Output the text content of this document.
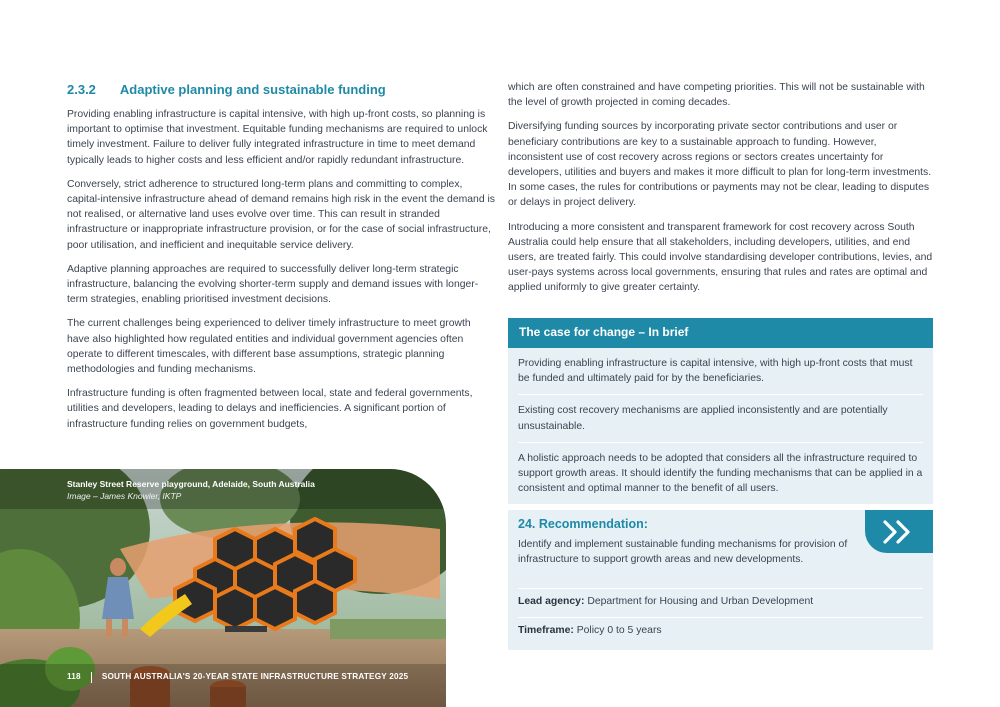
2.3.2 Adaptive planning and sustainable funding

Providing enabling infrastructure is capital intensive, with high up-front costs, so planning is important to optimise that investment. Equitable funding mechanisms are required to unlock timely investment. Failure to deliver fully integrated infrastructure in time to meet demand typically leads to higher costs and less efficient and/or rapidly redundant infrastructure.

Conversely, strict adherence to structured long-term plans and committing to complex, capital-intensive infrastructure ahead of demand remains high risk in the event the demand is not realised, or alternative land uses evolve over time. This can result in stranded infrastructure or inappropriate infrastructure provision, or for the case of social infrastructure, poor utilisation, and inefficient and inequitable service delivery.

Adaptive planning approaches are required to successfully deliver long-term strategic infrastructure, balancing the evolving shorter-term supply and demand issues with longer-term strategies, enabling prioritised investment decisions.

The current challenges being experienced to deliver timely infrastructure to meet growth have also highlighted how regulated entities and individual government agencies often operate to different timescales, with different base assumptions, strategic planning methodologies and funding mechanisms.

Infrastructure funding is often fragmented between local, state and federal governments, utilities and developers, leading to delays and inefficiencies. A significant portion of infrastructure funding relies on government budgets,

which are often constrained and have competing priorities. This will not be sustainable with the level of growth projected in coming decades.

Diversifying funding sources by incorporating private sector contributions and user or beneficiary contributions are key to a sustainable approach to funding. However, inconsistent use of cost recovery across regions or sectors creates uncertainty for developers, utilities and buyers and makes it more difficult to plan for long-term investments. In some cases, the rules for contributions or payments may not be clear, leading to disputes or delays in project delivery.

Introducing a more consistent and transparent framework for cost recovery across South Australia could help ensure that all stakeholders, including developers, utilities, and end users, are treated fairly. This could involve standardising developer contributions, levies, and user-pays systems across local governments, ensuring that rules and rates are optimal and applied uniformly to give greater certainty.

The case for change – In brief
Providing enabling infrastructure is capital intensive, with high up-front costs that must be funded and ultimately paid for by the beneficiaries.
Existing cost recovery mechanisms are applied inconsistently and are potentially unsustainable.
A holistic approach needs to be adopted that considers all the infrastructure required to support growth areas. It should identify the funding mechanisms that can be applied in a consistent and optimal manner to the benefit of all users.
24. Recommendation:
Identify and implement sustainable funding mechanisms for provision of infrastructure to support growth areas and new developments.
Lead agency: Department for Housing and Urban Development
Timeframe: Policy 0 to 5 years
Stanley Street Reserve playground, Adelaide, South Australia
Image – James Knowler, IKTP
118	SOUTH AUSTRALIA'S 20-YEAR STATE INFRASTRUCTURE STRATEGY 2025
